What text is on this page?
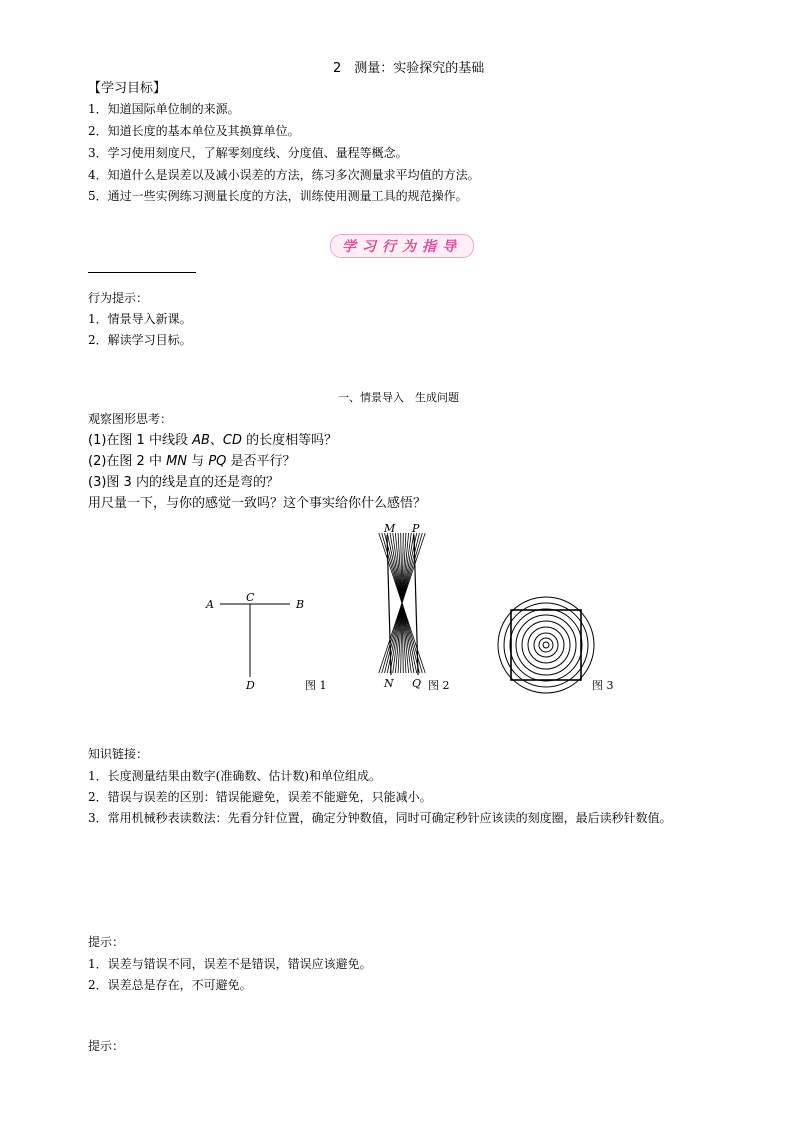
2　测量：实验探究的基础
【学习目标】
1．知道国际单位制的来源。
2．知道长度的基本单位及其换算单位。
3．学习使用刻度尺，了解零刻度线、分度值、量程等概念。
4．知道什么是误差以及减小误差的方法，练习多次测量求平均值的方法。
5．通过一些实例练习测量长度的方法，训练使用测量工具的规范操作。
学习行为指导
行为提示：
1．情景导入新课。
2．解读学习目标。
一、情景导入　生成问题
观察图形思考：
(1)在图 1 中线段 AB、CD 的长度相等吗？
(2)在图 2 中 MN 与 PQ 是否平行？
(3)图 3 内的线是直的还是弯的？
用尺量一下，与你的感觉一致吗？这个事实给你什么感悟？
A	B
C
D	图 1
M P
N Q 图 2	图 3
知识链接：
1．长度测量结果由数字(准确数、估计数)和单位组成。
2．错误与误差的区别：错误能避免，误差不能避免，只能减小。
3．常用机械秒表读数法：先看分针位置，确定分钟数值，同时可确定秒针应该读的刻度圈，最后读秒针数值。
提示：
1．误差与错误不同，误差不是错误，错误应该避免。
2．误差总是存在，不可避免。
提示：
